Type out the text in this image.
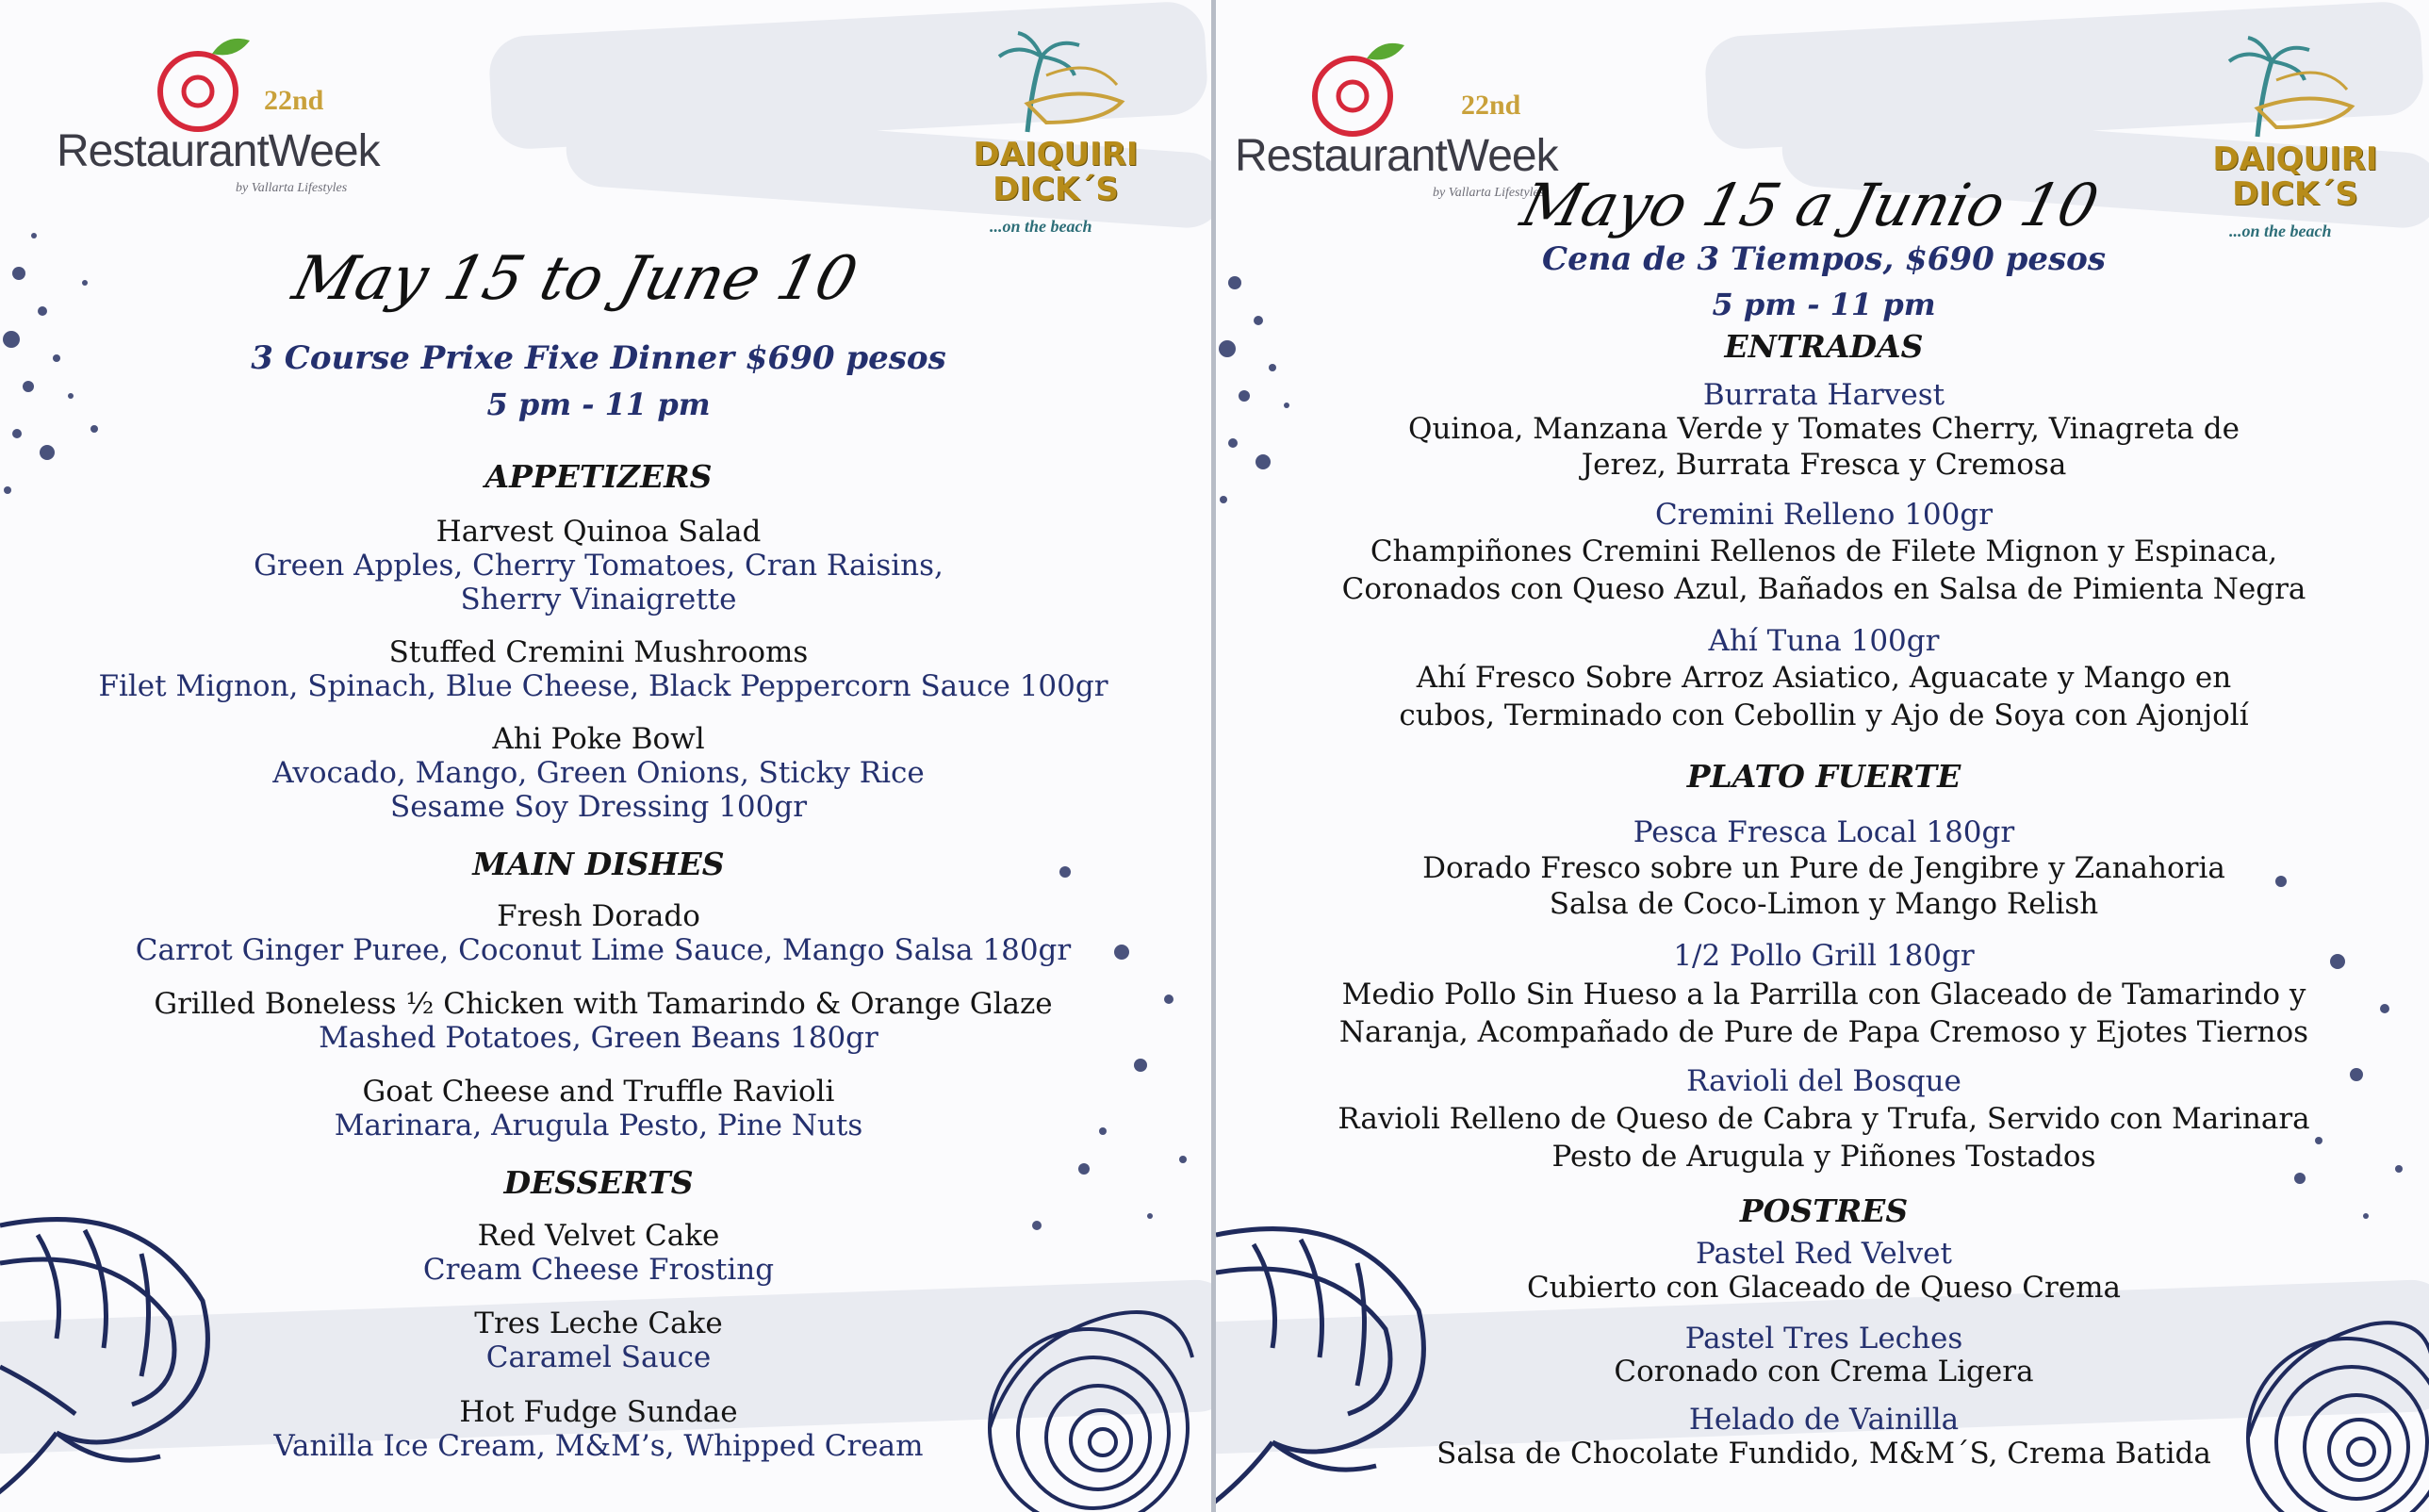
22nd
RestaurantWeek
by Vallarta Lifestyles
DAIQUIRI
DICK´S
...on the beach
May 15 to June 10
3 Course Prixe Fixe Dinner $690 pesos
5 pm - 11 pm
APPETIZERS
Harvest Quinoa Salad
Green Apples, Cherry Tomatoes, Cran Raisins,
Sherry Vinaigrette
Stuffed Cremini Mushrooms
Filet Mignon, Spinach, Blue Cheese, Black Peppercorn Sauce 100gr
Ahi Poke Bowl
Avocado, Mango, Green Onions, Sticky Rice
Sesame Soy Dressing 100gr
MAIN DISHES
Fresh Dorado
Carrot Ginger Puree, Coconut Lime Sauce, Mango Salsa 180gr
Grilled Boneless ½ Chicken with Tamarindo & Orange Glaze
Mashed Potatoes, Green Beans 180gr
Goat Cheese and Truffle Ravioli
Marinara, Arugula Pesto, Pine Nuts
DESSERTS
Red Velvet Cake
Cream Cheese Frosting
Tres Leche Cake
Caramel Sauce
Hot Fudge Sundae
Vanilla Ice Cream, M&M’s, Whipped Cream
22nd
RestaurantWeek
by Vallarta Lifestyles
DAIQUIRI
DICK´S
...on the beach
Mayo 15 a Junio 10
Cena de 3 Tiempos, $690 pesos
5 pm - 11 pm
ENTRADAS
Burrata Harvest
Quinoa, Manzana Verde y Tomates Cherry, Vinagreta de
Jerez, Burrata Fresca y Cremosa
Cremini Relleno 100gr
Champiñones Cremini Rellenos de Filete Mignon y Espinaca,
Coronados con Queso Azul, Bañados en Salsa de Pimienta Negra
Ahí Tuna 100gr
Ahí Fresco Sobre Arroz Asiatico, Aguacate y Mango en
cubos, Terminado con Cebollin y Ajo de Soya con Ajonjolí
PLATO FUERTE
Pesca Fresca Local 180gr
Dorado Fresco sobre un Pure de Jengibre y Zanahoria
Salsa de Coco-Limon y Mango Relish
1/2 Pollo Grill 180gr
Medio Pollo Sin Hueso a la Parrilla con Glaceado de Tamarindo y
Naranja, Acompañado de Pure de Papa Cremoso y Ejotes Tiernos
Ravioli del Bosque
Ravioli Relleno de Queso de Cabra y Trufa, Servido con Marinara
Pesto de Arugula y Piñones Tostados
POSTRES
Pastel Red Velvet
Cubierto con Glaceado de Queso Crema
Pastel Tres Leches
Coronado con Crema Ligera
Helado de Vainilla
Salsa de Chocolate Fundido, M&M´S, Crema Batida
